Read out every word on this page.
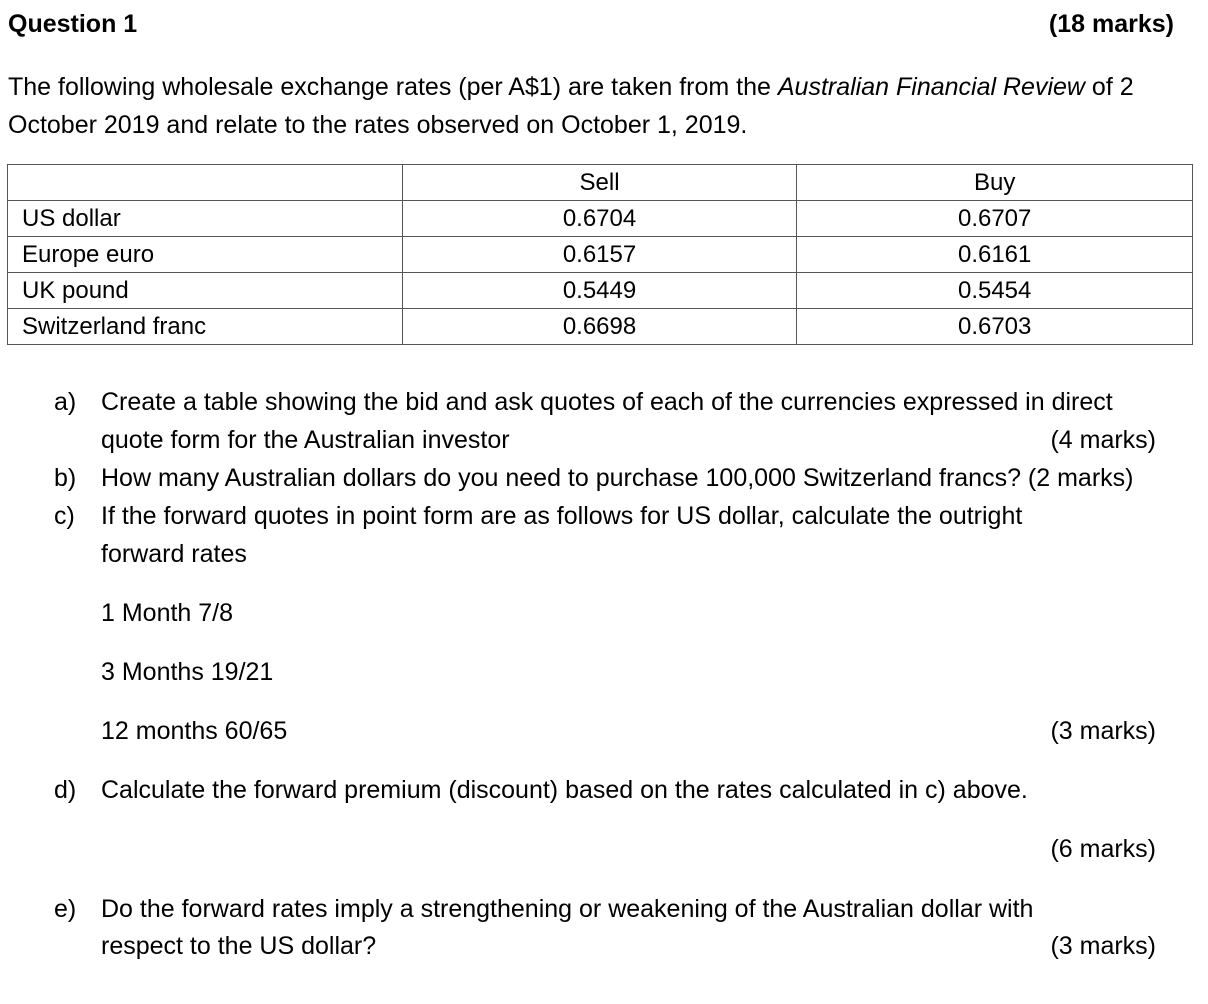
Question 1	(18 marks)
The following wholesale exchange rates (per A$1) are taken from the Australian Financial Review of 2 October 2019 and relate to the rates observed on October 1, 2019.
	Sell	Buy
US dollar	0.6704	0.6707
Europe euro	0.6157	0.6161
UK pound	0.5449	0.5454
Switzerland franc	0.6698	0.6703
a) Create a table showing the bid and ask quotes of each of the currencies expressed in direct
quote form for the Australian investor	(4 marks)
b) How many Australian dollars do you need to purchase 100,000 Switzerland francs? (2 marks)
c) If the forward quotes in point form are as follows for US dollar, calculate the outright
forward rates
1 Month 7/8
3 Months 19/21
12 months 60/65	(3 marks)
d) Calculate the forward premium (discount) based on the rates calculated in c) above.
(6 marks)
e) Do the forward rates imply a strengthening or weakening of the Australian dollar with
respect to the US dollar?	(3 marks)
